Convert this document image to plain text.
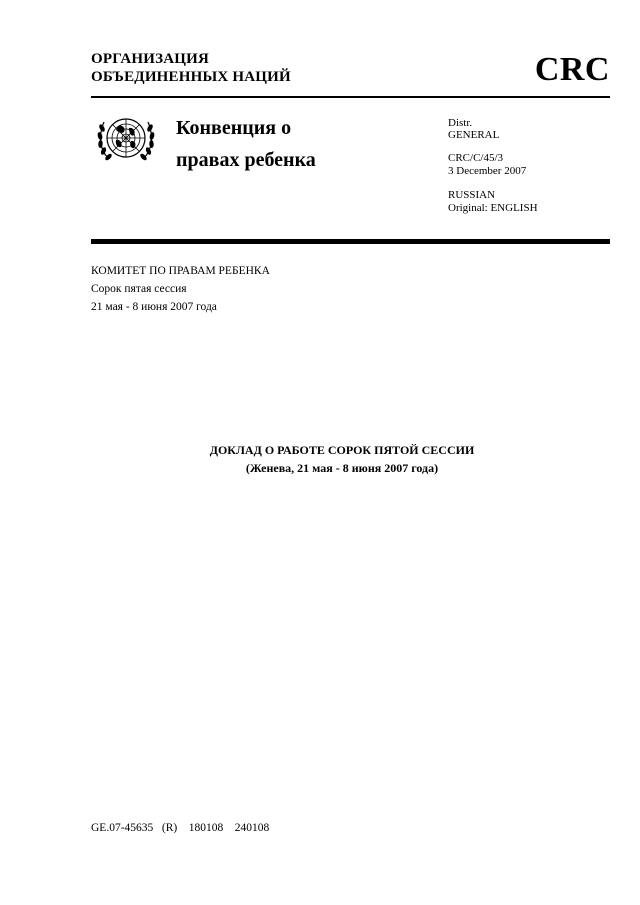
ОРГАНИЗАЦИЯ
ОБЪЕДИНЕННЫХ НАЦИЙ	CRC
Конвенция о
правах ребенка
Distr.
GENERAL
CRC/C/45/3
3 December 2007
RUSSIAN
Original: ENGLISH
КОМИТЕТ ПО ПРАВАМ РЕБЕНКА
Сорок пятая сессия
21 мая - 8 июня 2007 года
ДОКЛАД О РАБОТЕ СОРОК ПЯТОЙ СЕССИИ
(Женева, 21 мая - 8 июня 2007 года)
GE.07-45635   (R)    180108    240108
